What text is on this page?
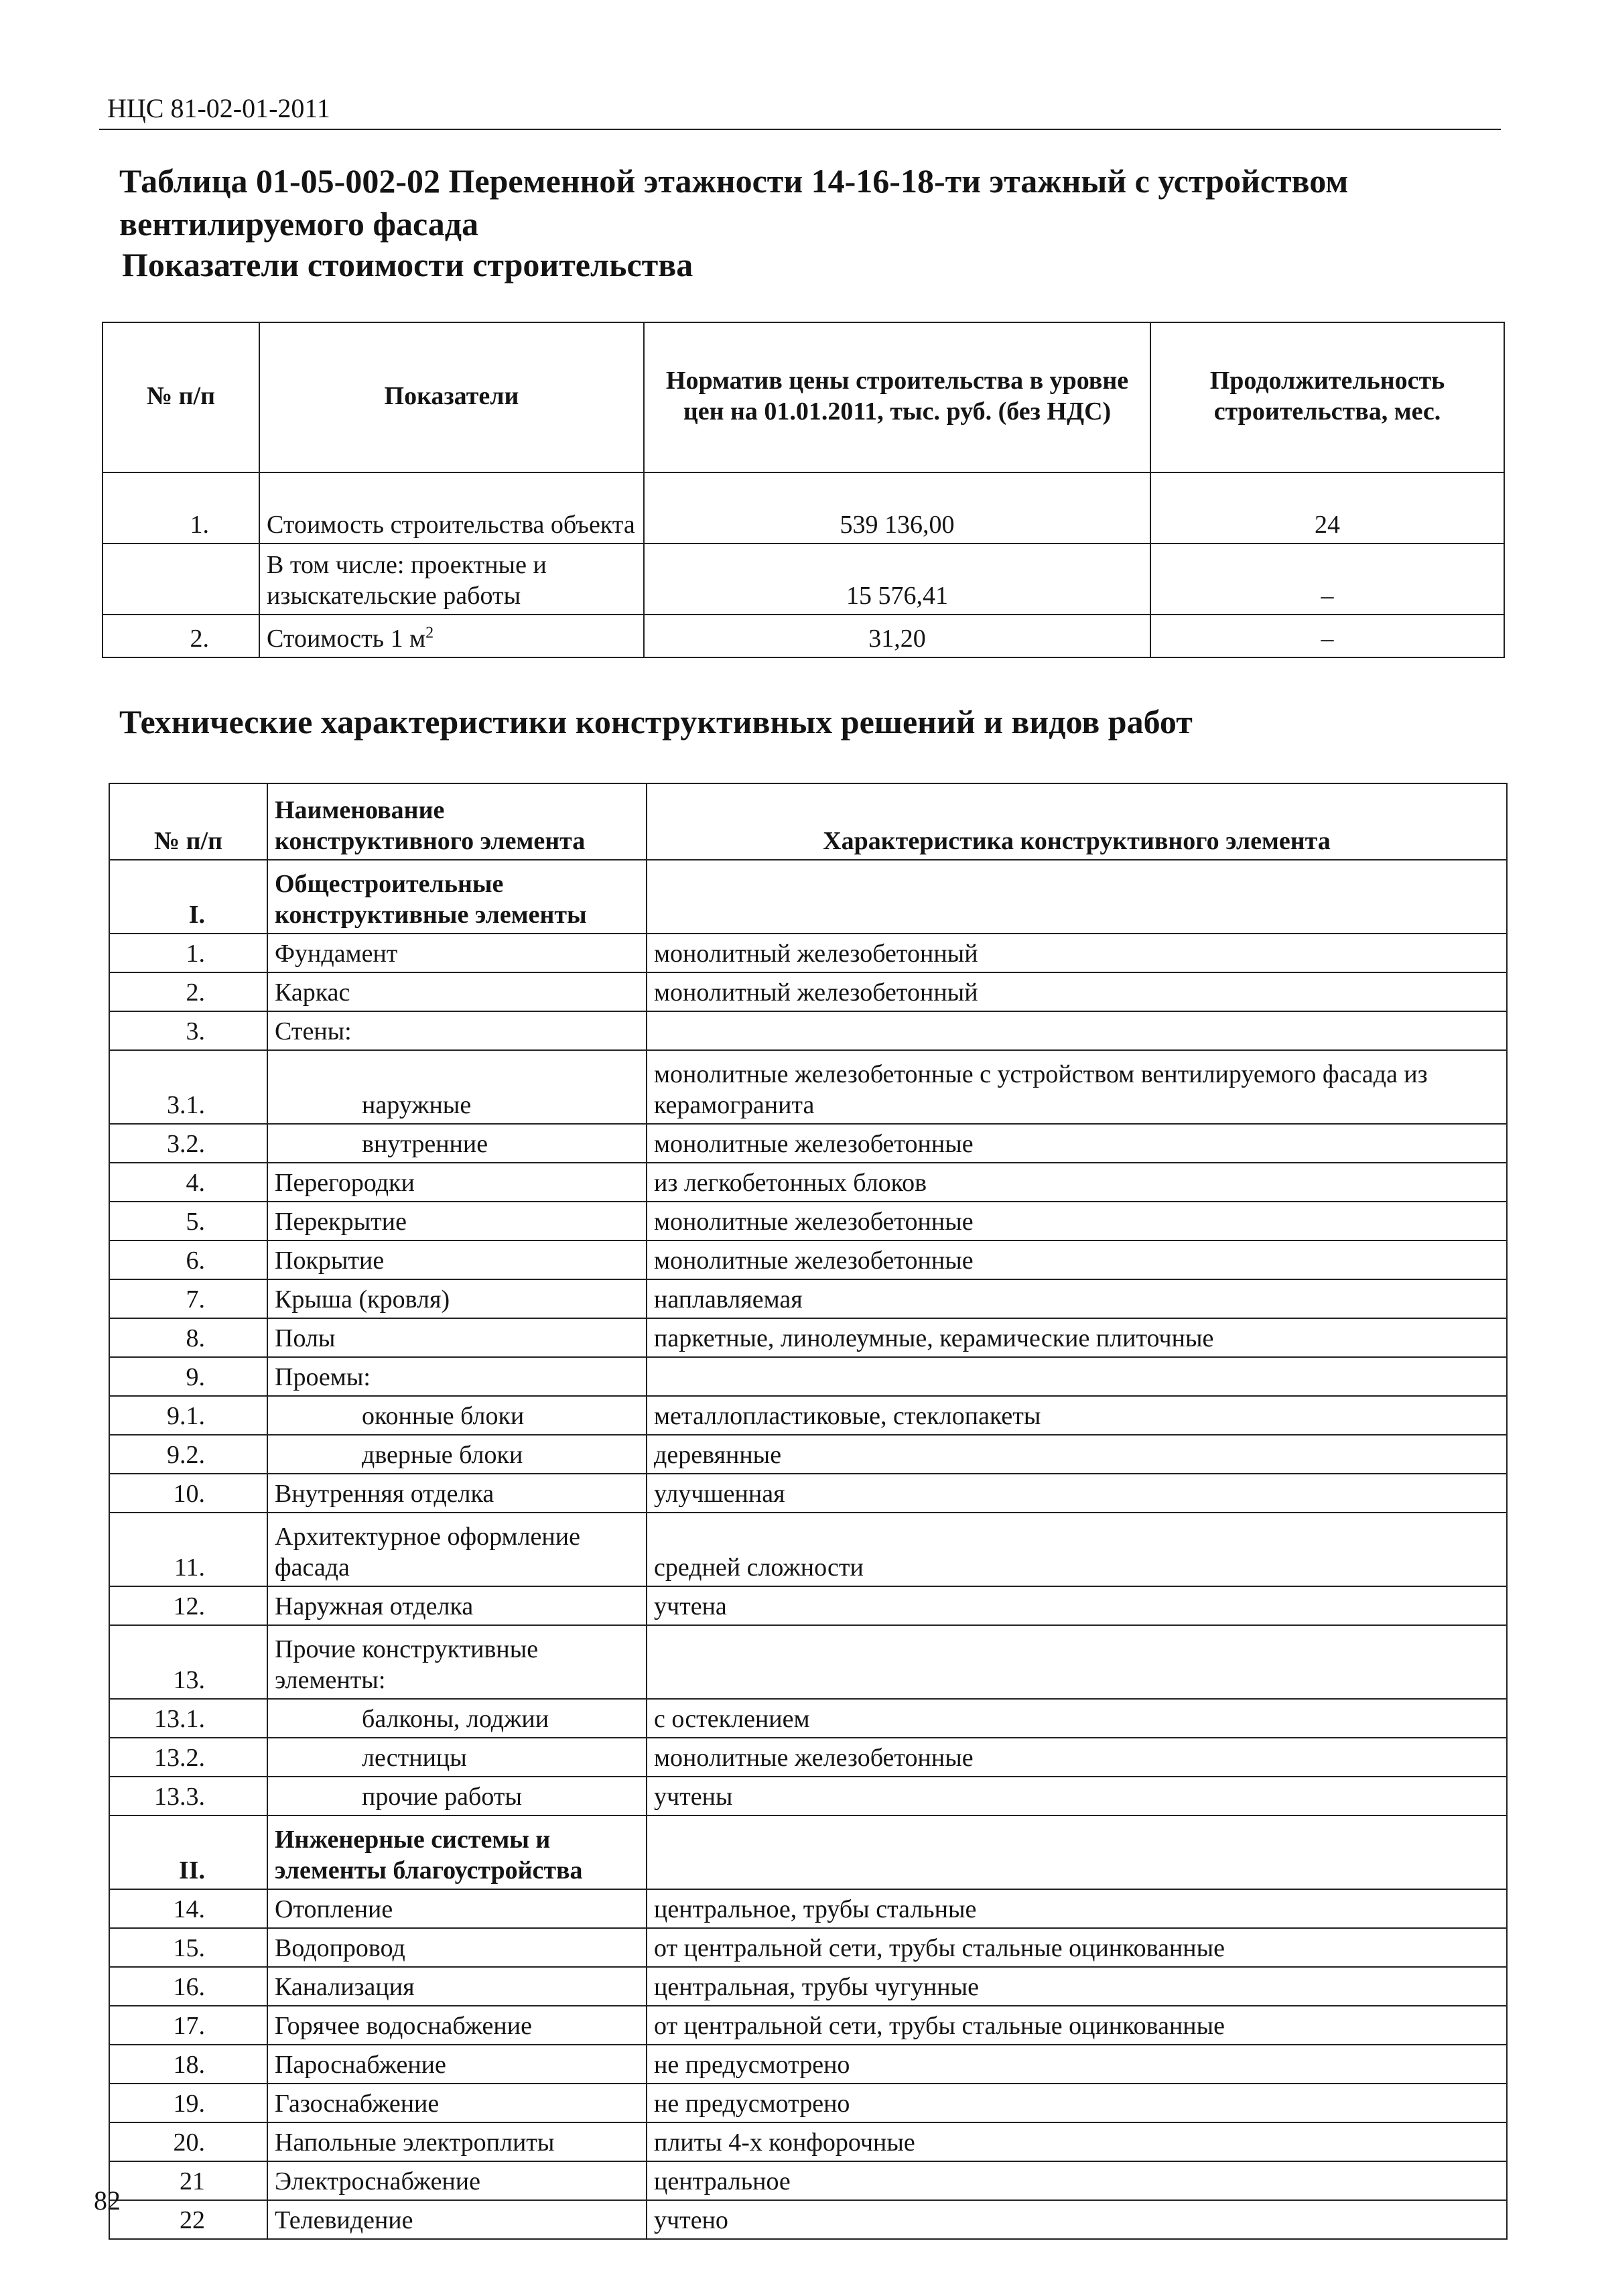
НЦС 81-02-01-2011
Таблица 01-05-002-02 Переменной этажности 14-16-18-ти этажный с устройством
вентилируемого фасада
Показатели стоимости строительства
№ п/п	Показатели	Норматив цены строительства в уровне цен на 01.01.2011, тыс. руб. (без НДС)	Продолжительность строительства, мес.
1.	Стоимость строительства объекта	539 136,00	24
	В том числе: проектные и изыскательские работы	15 576,41	–
2.	Стоимость 1 $м^2$	31,20	–
Технические характеристики конструктивных решений и видов работ
№ п/п	Наименование конструктивного элемента	Характеристика конструктивного элемента
I.	Общестроительные конструктивные элементы	
1.	Фундамент	монолитный железобетонный
2.	Каркас	монолитный железобетонный
3.	Стены:	
3.1.	наружные	монолитные железобетонные с устройством вентилируемого фасада из керамогранита
3.2.	внутренние	монолитные железобетонные
4.	Перегородки	из легкобетонных блоков
5.	Перекрытие	монолитные железобетонные
6.	Покрытие	монолитные железобетонные
7.	Крыша (кровля)	наплавляемая
8.	Полы	паркетные, линолеумные, керамические плиточные
9.	Проемы:	
9.1.	оконные блоки	металлопластиковые, стеклопакеты
9.2.	дверные блоки	деревянные
10.	Внутренняя отделка	улучшенная
11.	Архитектурное оформление фасада	средней сложности
12.	Наружная отделка	учтена
13.	Прочие конструктивные элементы:	
13.1.	балконы, лоджии	с остеклением
13.2.	лестницы	монолитные железобетонные
13.3.	прочие работы	учтены
II.	Инженерные системы и элементы благоустройства	
14.	Отопление	центральное, трубы стальные
15.	Водопровод	от центральной сети, трубы стальные оцинкованные
16.	Канализация	центральная, трубы чугунные
17.	Горячее водоснабжение	от центральной сети, трубы стальные оцинкованные
18.	Пароснабжение	не предусмотрено
19.	Газоснабжение	не предусмотрено
20.	Напольные электроплиты	плиты 4-х конфорочные
21	Электроснабжение	центральное
22	Телевидение	учтено
82
